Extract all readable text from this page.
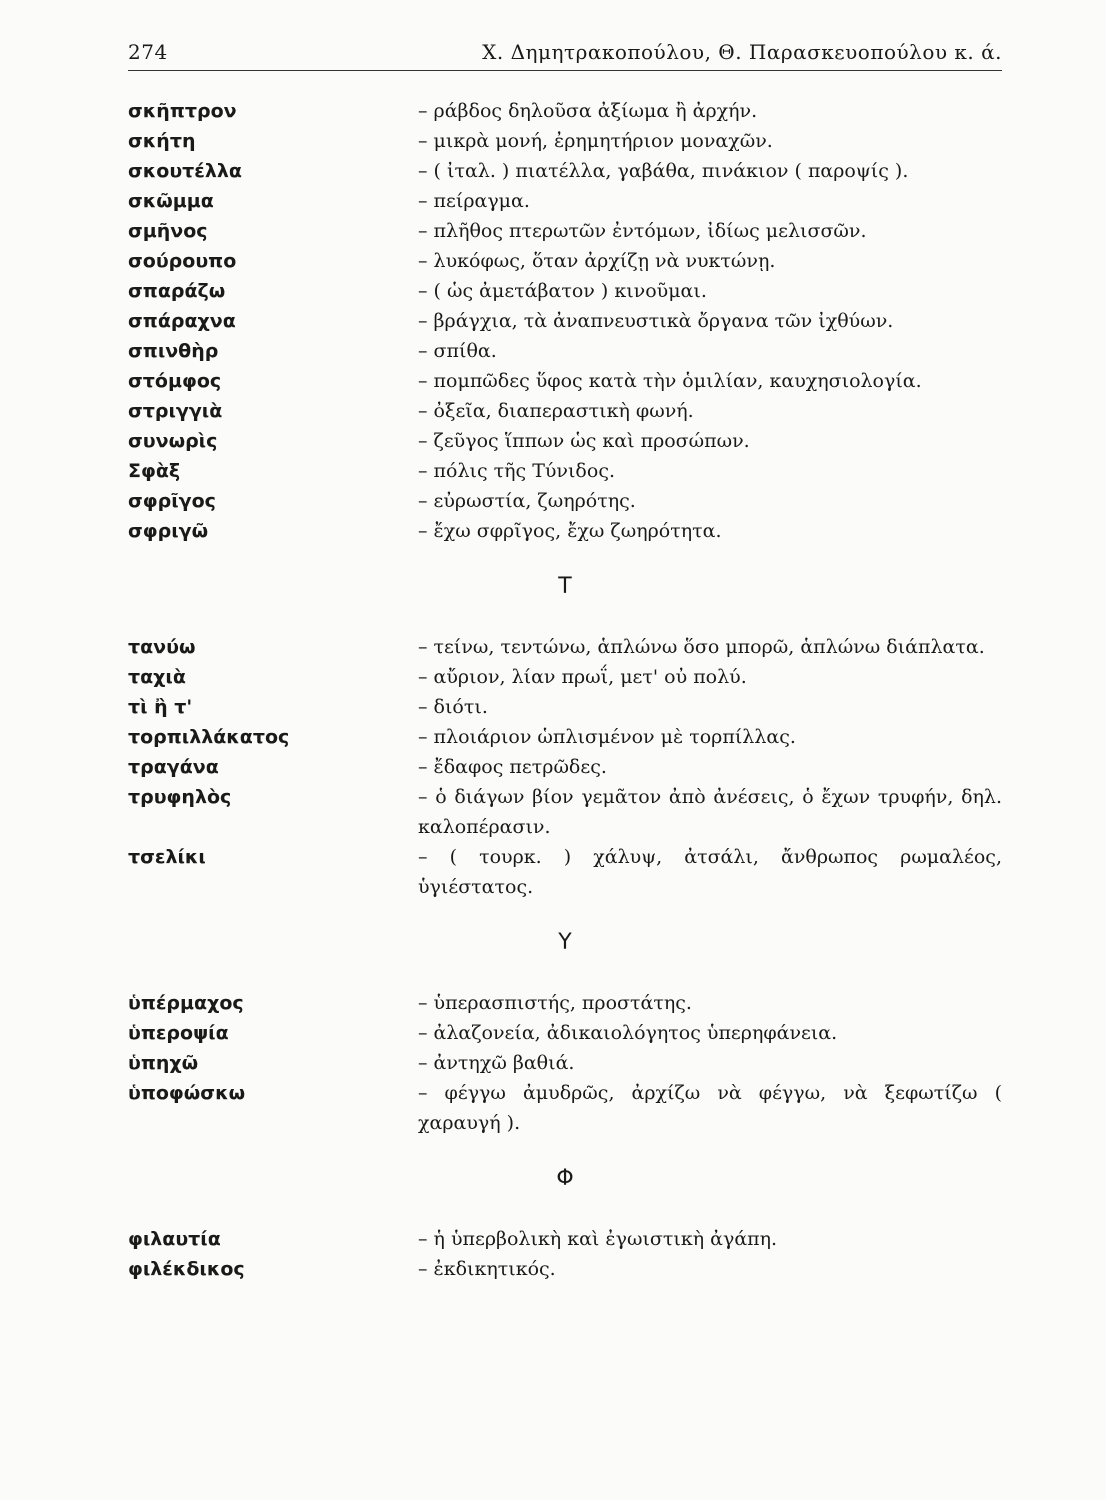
274	Χ. Δημητρακοπούλου, Θ. Παρασκευοπούλου κ. ά.
σκῆπτρον	– ράβδος δηλοῦσα ἀξίωμα ἢ ἀρχήν.
σκήτη	– μικρὰ μονή, ἐρημητήριον μοναχῶν.
σκουτέλλα	– ( ἰταλ. ) πιατέλλα, γαβάθα, πινάκιον ( παροψίς ).
σκῶμμα	– πείραγμα.
σμῆνος	– πλῆθος πτερωτῶν ἐντόμων, ἰδίως μελισσῶν.
σούρουπο	– λυκόφως, ὅταν ἀρχίζῃ νὰ νυκτώνῃ.
σπαράζω	– ( ὡς ἀμετάβατον ) κινοῦμαι.
σπάραχνα	– βράγχια, τὰ ἀναπνευστικὰ ὄργανα τῶν ἰχθύων.
σπινθὴρ	– σπίθα.
στόμφος	– πομπῶδες ὕφος κατὰ τὴν ὁμιλίαν, καυχησιολογία.
στριγγιὰ	– ὀξεῖα, διαπεραστικὴ φωνή.
συνωρὶς	– ζεῦγος ἵππων ὡς καὶ προσώπων.
Σφὰξ	– πόλις τῆς Τύνιδος.
σφρῖγος	– εὐρωστία, ζωηρότης.
σφριγῶ	– ἔχω σφρῖγος, ἔχω ζωηρότητα.
Τ
τανύω	– τείνω, τεντώνω, ἁπλώνω ὅσο μπορῶ, ἁπλώνω διάπλατα.
ταχιὰ	– αὔριον, λίαν πρωΐ, μετ' οὐ πολύ.
τὶ ἢ τ'	– διότι.
τορπιλλάκατος	– πλοιάριον ὡπλισμένον μὲ τορπίλλας.
τραγάνα	– ἔδαφος πετρῶδες.
τρυφηλὸς	– ὁ διάγων βίον γεμᾶτον ἀπὸ ἀνέσεις, ὁ ἔχων τρυφήν, δηλ. καλοπέρασιν.
τσελίκι	– ( τουρκ. ) χάλυψ, ἀτσάλι, ἄνθρωπος ρωμαλέος, ὑγιέστατος.
Υ
ὑπέρμαχος	– ὑπερασπιστής, προστάτης.
ὑπεροψία	– ἀλαζονεία, ἀδικαιολόγητος ὑπερηφάνεια.
ὑπηχῶ	– ἀντηχῶ βαθιά.
ὑποφώσκω	– φέγγω ἀμυδρῶς, ἀρχίζω νὰ φέγγω, νὰ ξεφωτίζω ( χαραυγή ).
Φ
φιλαυτία	– ἡ ὑπερβολικὴ καὶ ἐγωιστικὴ ἀγάπη.
φιλέκδικος	– ἐκδικητικός.
